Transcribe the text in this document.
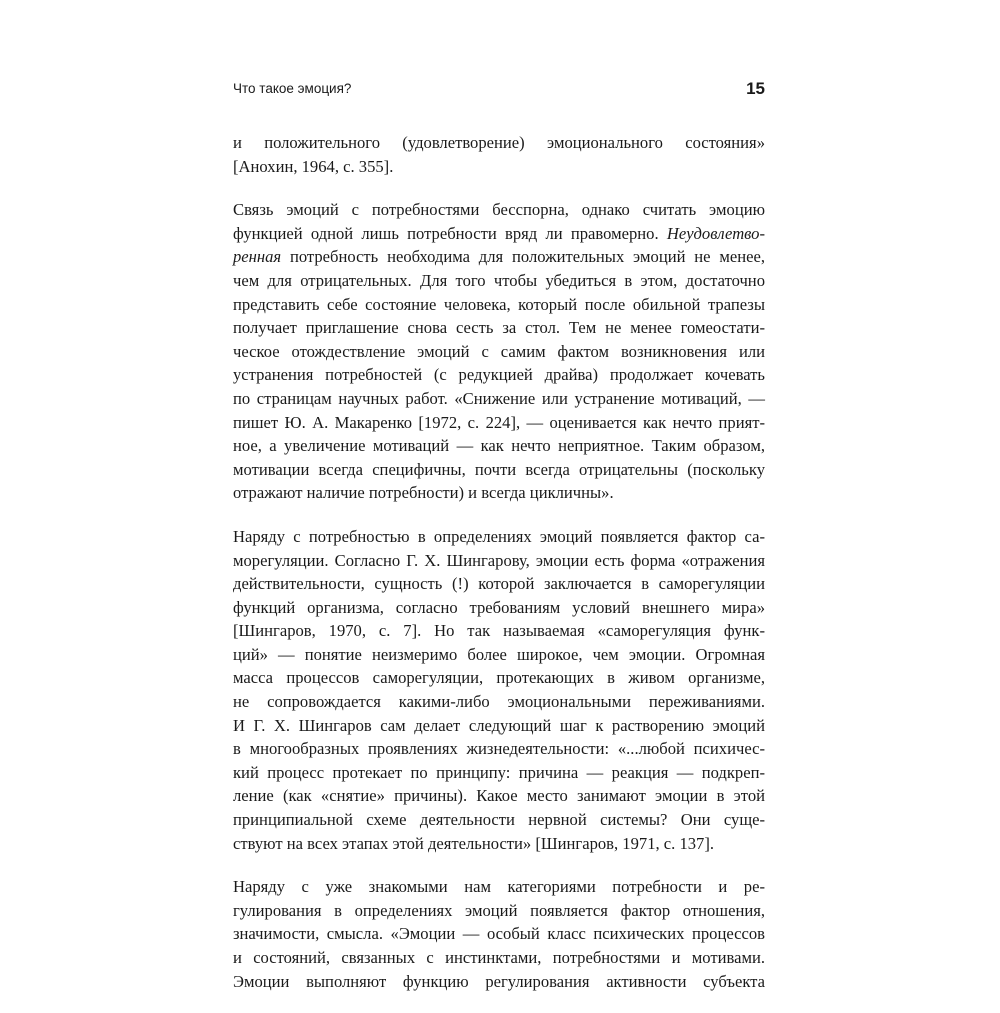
Что такое эмоция?	15

и положительного (удовлетворение) эмоционального состояния»
[Анохин, 1964, с. 355].

Связь эмоций с потребностями бесспорна, однако считать эмоцию
функцией одной лишь потребности вряд ли правомерно. Неудовлетво-
ренная потребность необходима для положительных эмоций не менее,
чем для отрицательных. Для того чтобы убедиться в этом, достаточно
представить себе состояние человека, который после обильной трапезы
получает приглашение снова сесть за стол. Тем не менее гомеостати-
ческое отождествление эмоций с самим фактом возникновения или
устранения потребностей (с редукцией драйва) продолжает кочевать
по страницам научных работ. «Снижение или устранение мотиваций, —
пишет Ю. А. Макаренко [1972, с. 224], — оценивается как нечто прият-
ное, а увеличение мотиваций — как нечто неприятное. Таким образом,
мотивации всегда специфичны, почти всегда отрицательны (поскольку
отражают наличие потребности) и всегда цикличны».

Наряду с потребностью в определениях эмоций появляется фактор са-
морегуляции. Согласно Г. Х. Шингарову, эмоции есть форма «отражения
действительности, сущность (!) которой заключается в саморегуляции
функций организма, согласно требованиям условий внешнего мира»
[Шингаров, 1970, с. 7]. Но так называемая «саморегуляция функ-
ций» — понятие неизмеримо более широкое, чем эмоции. Огромная
масса процессов саморегуляции, протекающих в живом организме,
не сопровождается какими-либо эмоциональными переживаниями.
И Г. Х. Шингаров сам делает следующий шаг к растворению эмоций
в многообразных проявлениях жизнедеятельности: «...любой психичес-
кий процесс протекает по принципу: причина — реакция — подкреп-
ление (как «снятие» причины). Какое место занимают эмоции в этой
принципиальной схеме деятельности нервной системы? Они суще-
ствуют на всех этапах этой деятельности» [Шингаров, 1971, с. 137].

Наряду с уже знакомыми нам категориями потребности и ре-
гулирования в определениях эмоций появляется фактор отношения,
значимости, смысла. «Эмоции — особый класс психических процессов
и состояний, связанных с инстинктами, потребностями и мотивами.
Эмоции выполняют функцию регулирования активности субъекта
